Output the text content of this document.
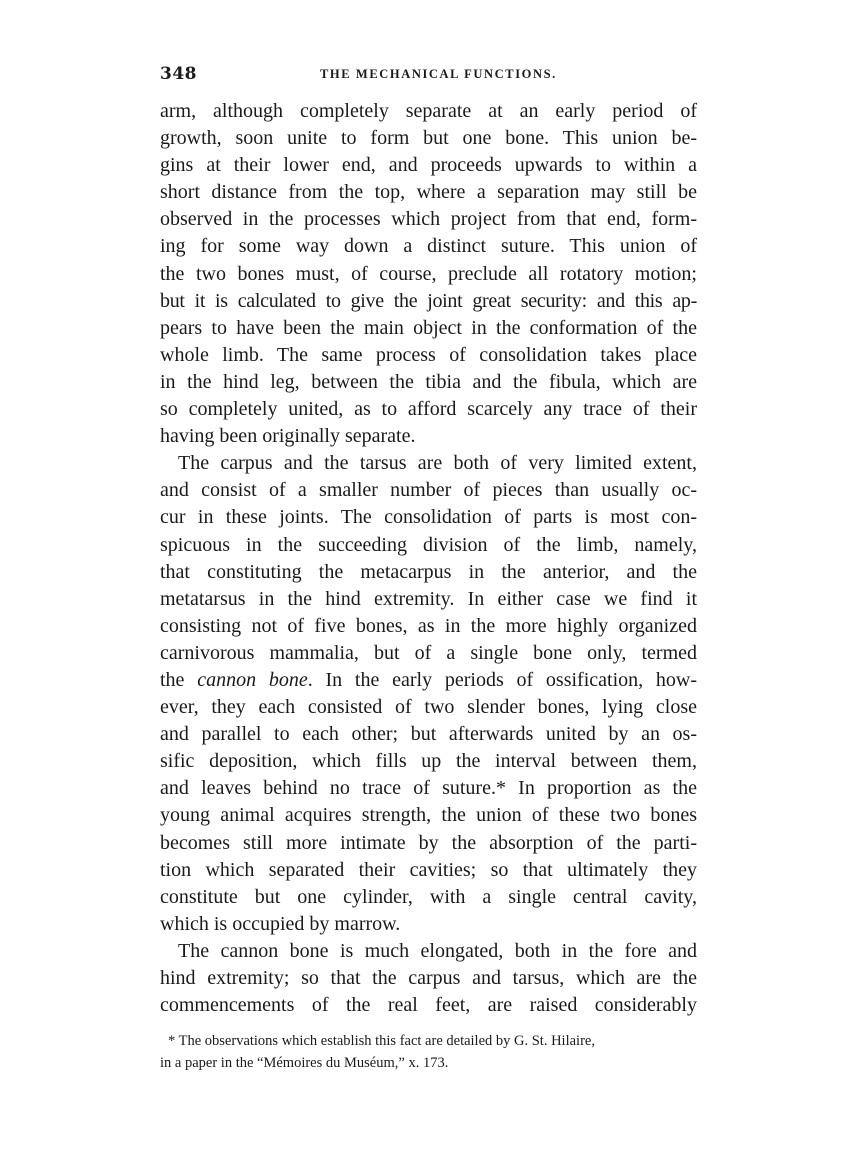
348	THE MECHANICAL FUNCTIONS.
arm, although completely separate at an early period of
growth, soon unite to form but one bone. This union be-
gins at their lower end, and proceeds upwards to within a
short distance from the top, where a separation may still be
observed in the processes which project from that end, form-
ing for some way down a distinct suture. This union of
the two bones must, of course, preclude all rotatory motion;
but it is calculated to give the joint great security: and this ap-
pears to have been the main object in the conformation of the
whole limb. The same process of consolidation takes place
in the hind leg, between the tibia and the fibula, which are
so completely united, as to afford scarcely any trace of their
having been originally separate.
The carpus and the tarsus are both of very limited extent,
and consist of a smaller number of pieces than usually oc-
cur in these joints. The consolidation of parts is most con-
spicuous in the succeeding division of the limb, namely,
that constituting the metacarpus in the anterior, and the
metatarsus in the hind extremity. In either case we find it
consisting not of five bones, as in the more highly organized
carnivorous mammalia, but of a single bone only, termed
the cannon bone. In the early periods of ossification, how-
ever, they each consisted of two slender bones, lying close
and parallel to each other; but afterwards united by an os-
sific deposition, which fills up the interval between them,
and leaves behind no trace of suture.* In proportion as the
young animal acquires strength, the union of these two bones
becomes still more intimate by the absorption of the parti-
tion which separated their cavities; so that ultimately they
constitute but one cylinder, with a single central cavity,
which is occupied by marrow.
The cannon bone is much elongated, both in the fore and
hind extremity; so that the carpus and tarsus, which are the
commencements of the real feet, are raised considerably
* The observations which establish this fact are detailed by G. St. Hilaire,
in a paper in the “Mémoires du Muséum,” x. 173.
